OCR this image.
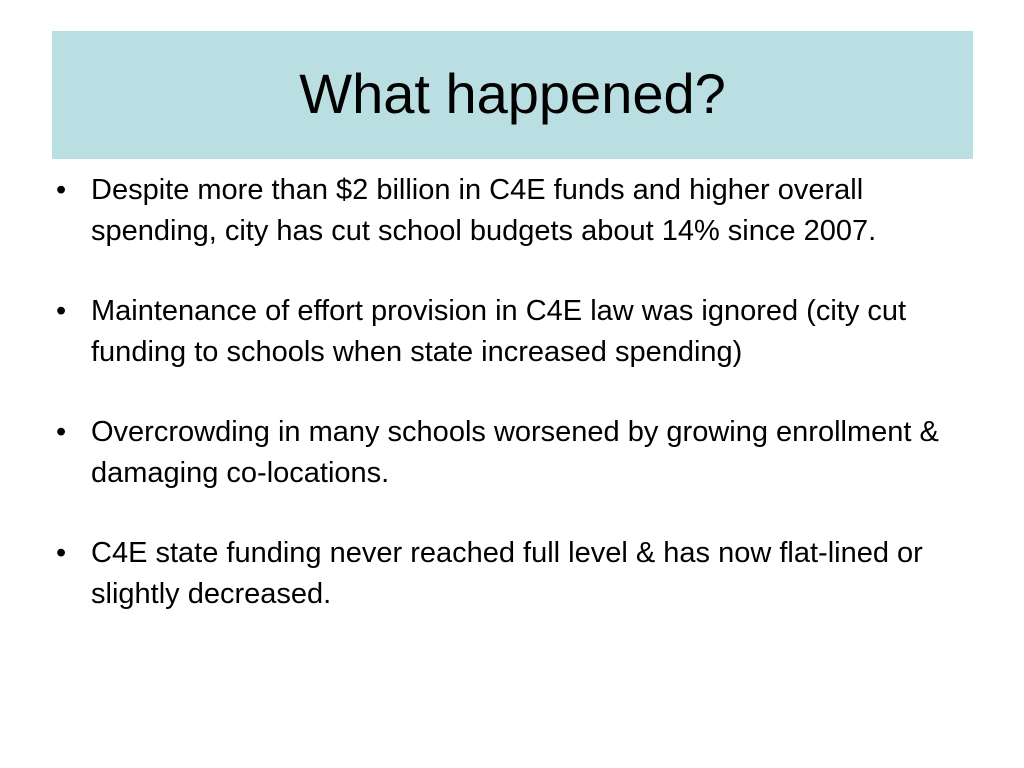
What happened?
• Despite more than $2 billion in C4E funds and higher overall spending, city has cut school budgets about 14% since 2007.
• Maintenance of effort provision in C4E law was ignored (city cut funding to schools when state increased spending)
• Overcrowding in many schools worsened by growing enrollment & damaging co-locations.
• C4E state funding never reached full level & has now flat-lined or slightly decreased.
